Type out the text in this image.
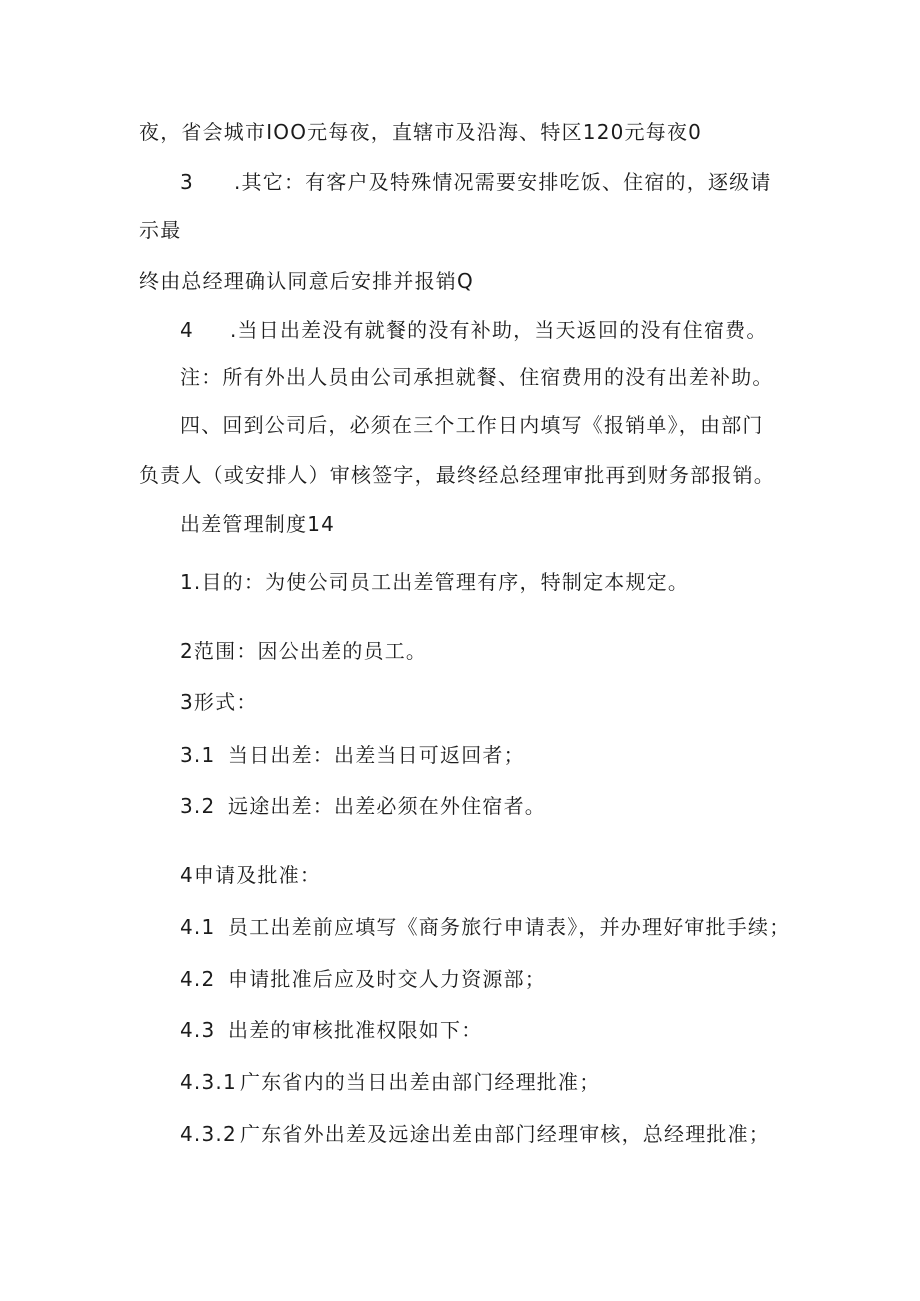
夜，省会城市IOO元每夜，直辖市及沿海、特区120元每夜0
3 .其它：有客户及特殊情况需要安排吃饭、住宿的，逐级请
示最
终由总经理确认同意后安排并报销Q
4 .当日出差没有就餐的没有补助，当天返回的没有住宿费。
注：所有外出人员由公司承担就餐、住宿费用的没有出差补助。
四、回到公司后，必须在三个工作日内填写《报销单》，由部门
负责人（或安排人）审核签字，最终经总经理审批再到财务部报销。
出差管理制度14
1.目的：为使公司员工出差管理有序，特制定本规定。
2范围：因公出差的员工。
3形式：
3.1 当日出差：出差当日可返回者；
3.2 远途出差：出差必须在外住宿者。
4申请及批准：
4.1 员工出差前应填写《商务旅行申请表》，并办理好审批手续；
4.2 申请批准后应及时交人力资源部；
4.3 出差的审核批准权限如下：
4.3.1 广东省内的当日出差由部门经理批准；
4.3.2 广东省外出差及远途出差由部门经理审核，总经理批准；
